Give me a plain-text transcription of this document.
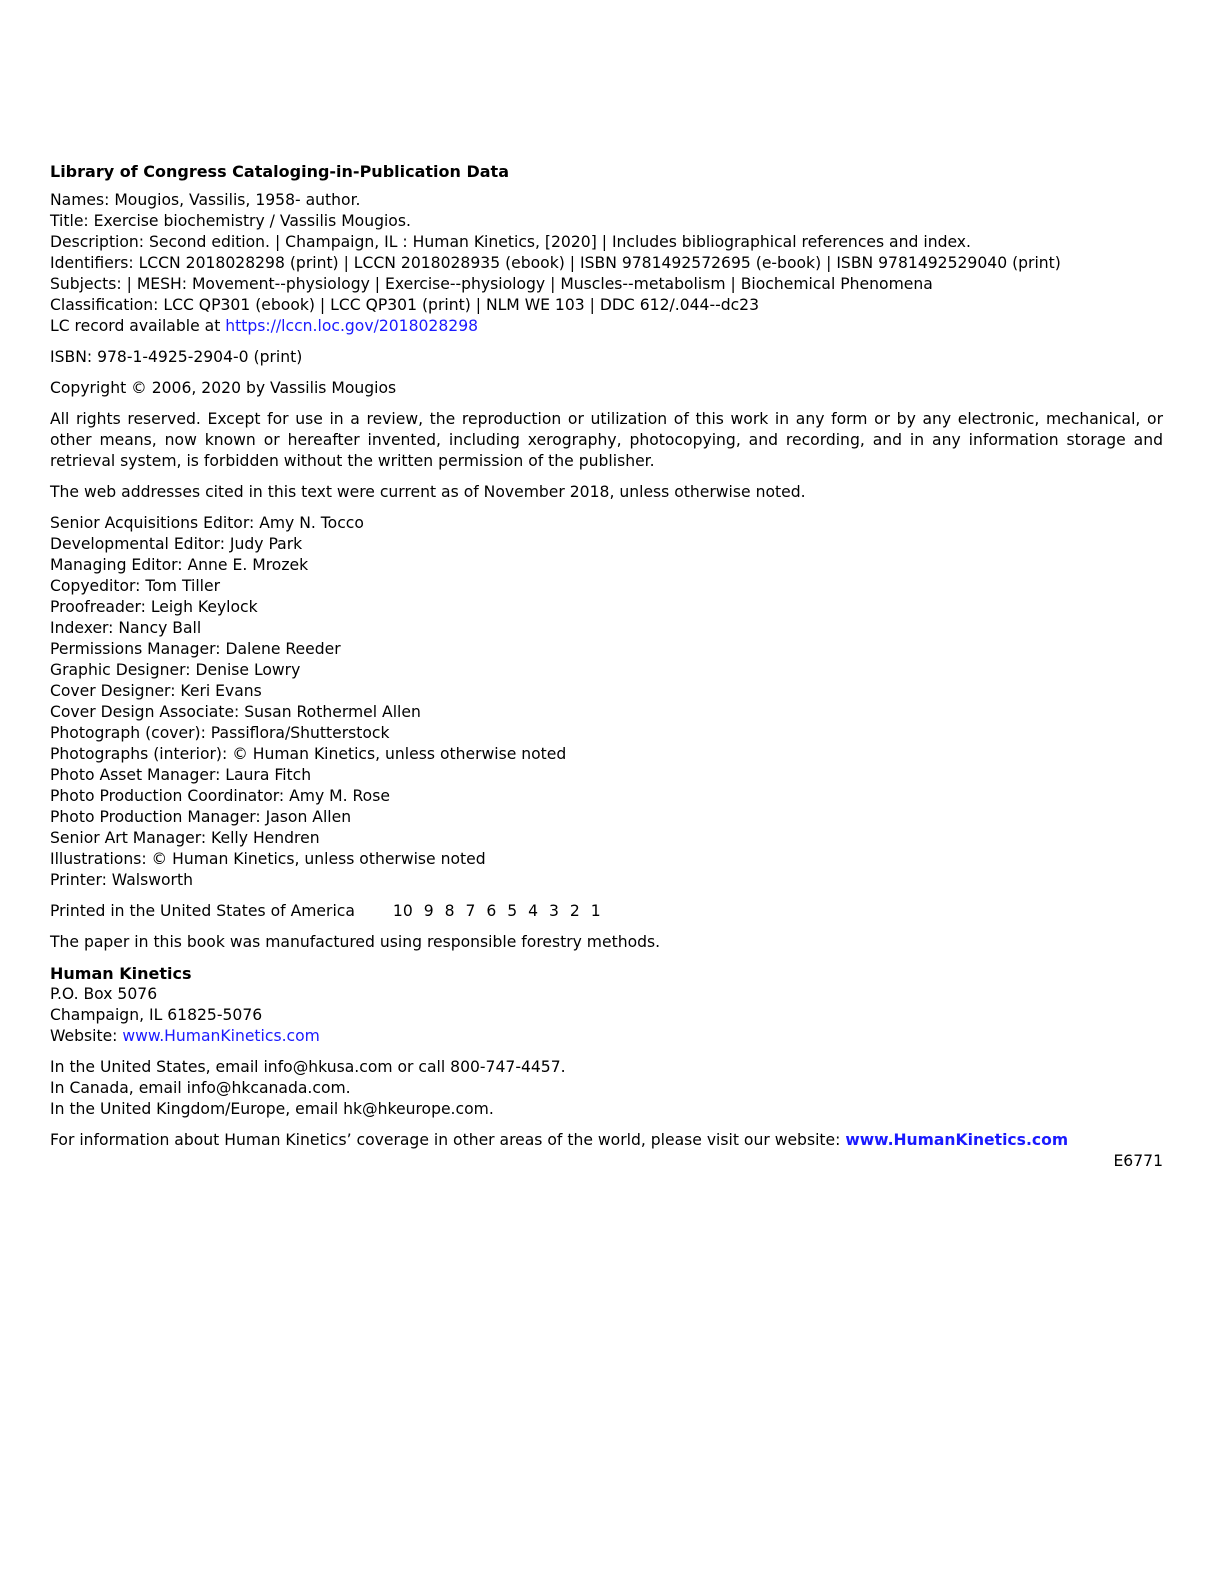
Library of Congress Cataloging-in-Publication Data
Names: Mougios, Vassilis, 1958- author.
Title: Exercise biochemistry / Vassilis Mougios.
Description: Second edition. | Champaign, IL : Human Kinetics, [2020] | Includes bibliographical references and index.
Identifiers: LCCN 2018028298 (print) | LCCN 2018028935 (ebook) | ISBN 9781492572695 (e-book) | ISBN 9781492529040 (print)
Subjects: | MESH: Movement--physiology | Exercise--physiology | Muscles--metabolism | Biochemical Phenomena
Classification: LCC QP301 (ebook) | LCC QP301 (print) | NLM WE 103 | DDC 612/.044--dc23
LC record available at https://lccn.loc.gov/2018028298
ISBN: 978-1-4925-2904-0 (print)
Copyright © 2006, 2020 by Vassilis Mougios
All rights reserved. Except for use in a review, the reproduction or utilization of this work in any form or by any electronic, mechanical, or other means, now known or hereafter invented, including xerography, photocopying, and recording, and in any information storage and retrieval system, is forbidden without the written permission of the publisher.
The web addresses cited in this text were current as of November 2018, unless otherwise noted.
Senior Acquisitions Editor: Amy N. Tocco
Developmental Editor: Judy Park
Managing Editor: Anne E. Mrozek
Copyeditor: Tom Tiller
Proofreader: Leigh Keylock
Indexer: Nancy Ball
Permissions Manager: Dalene Reeder
Graphic Designer: Denise Lowry
Cover Designer: Keri Evans
Cover Design Associate: Susan Rothermel Allen
Photograph (cover): Passiflora/Shutterstock
Photographs (interior): © Human Kinetics, unless otherwise noted
Photo Asset Manager: Laura Fitch
Photo Production Coordinator: Amy M. Rose
Photo Production Manager: Jason Allen
Senior Art Manager: Kelly Hendren
Illustrations: © Human Kinetics, unless otherwise noted
Printer: Walsworth
Printed in the United States of America 10 9 8 7 6 5 4 3 2 1
The paper in this book was manufactured using responsible forestry methods.
Human Kinetics
P.O. Box 5076
Champaign, IL 61825-5076
Website: www.HumanKinetics.com
In the United States, email info@hkusa.com or call 800-747-4457.
In Canada, email info@hkcanada.com.
In the United Kingdom/Europe, email hk@hkeurope.com.
For information about Human Kinetics’ coverage in other areas of the world, please visit our website: www.HumanKinetics.com
E6771
